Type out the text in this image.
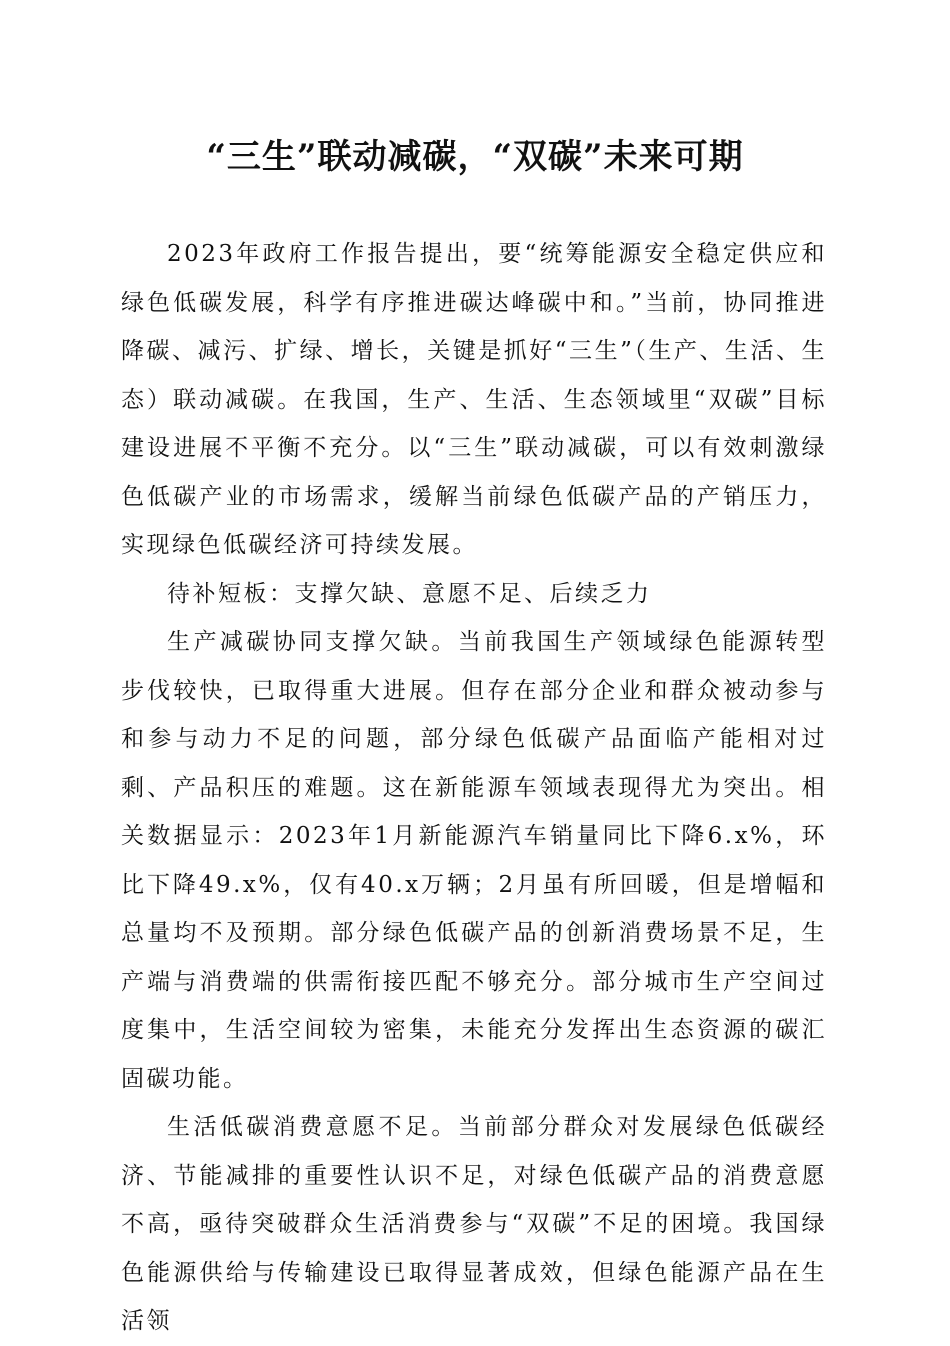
“三生”联动减碳，“双碳”未来可期

2023年政府工作报告提出，要“统筹能源安全稳定供应和绿色低碳发展，科学有序推进碳达峰碳中和。”当前，协同推进降碳、减污、扩绿、增长，关键是抓好“三生”（生产、生活、生态）联动减碳。在我国，生产、生活、生态领域里“双碳”目标建设进展不平衡不充分。以“三生”联动减碳，可以有效刺激绿色低碳产业的市场需求，缓解当前绿色低碳产品的产销压力，实现绿色低碳经济可持续发展。

待补短板：支撑欠缺、意愿不足、后续乏力

生产减碳协同支撑欠缺。当前我国生产领域绿色能源转型步伐较快，已取得重大进展。但存在部分企业和群众被动参与和参与动力不足的问题，部分绿色低碳产品面临产能相对过剩、产品积压的难题。这在新能源车领域表现得尤为突出。相关数据显示：2023年1月新能源汽车销量同比下降6.x%，环比下降49.x%，仅有40.x万辆；2月虽有所回暖，但是增幅和总量均不及预期。部分绿色低碳产品的创新消费场景不足，生产端与消费端的供需衔接匹配不够充分。部分城市生产空间过度集中，生活空间较为密集，未能充分发挥出生态资源的碳汇固碳功能。

生活低碳消费意愿不足。当前部分群众对发展绿色低碳经济、节能减排的重要性认识不足，对绿色低碳产品的消费意愿不高，亟待突破群众生活消费参与“双碳”不足的困境。我国绿色能源供给与传输建设已取得显著成效，但绿色能源产品在生活领
